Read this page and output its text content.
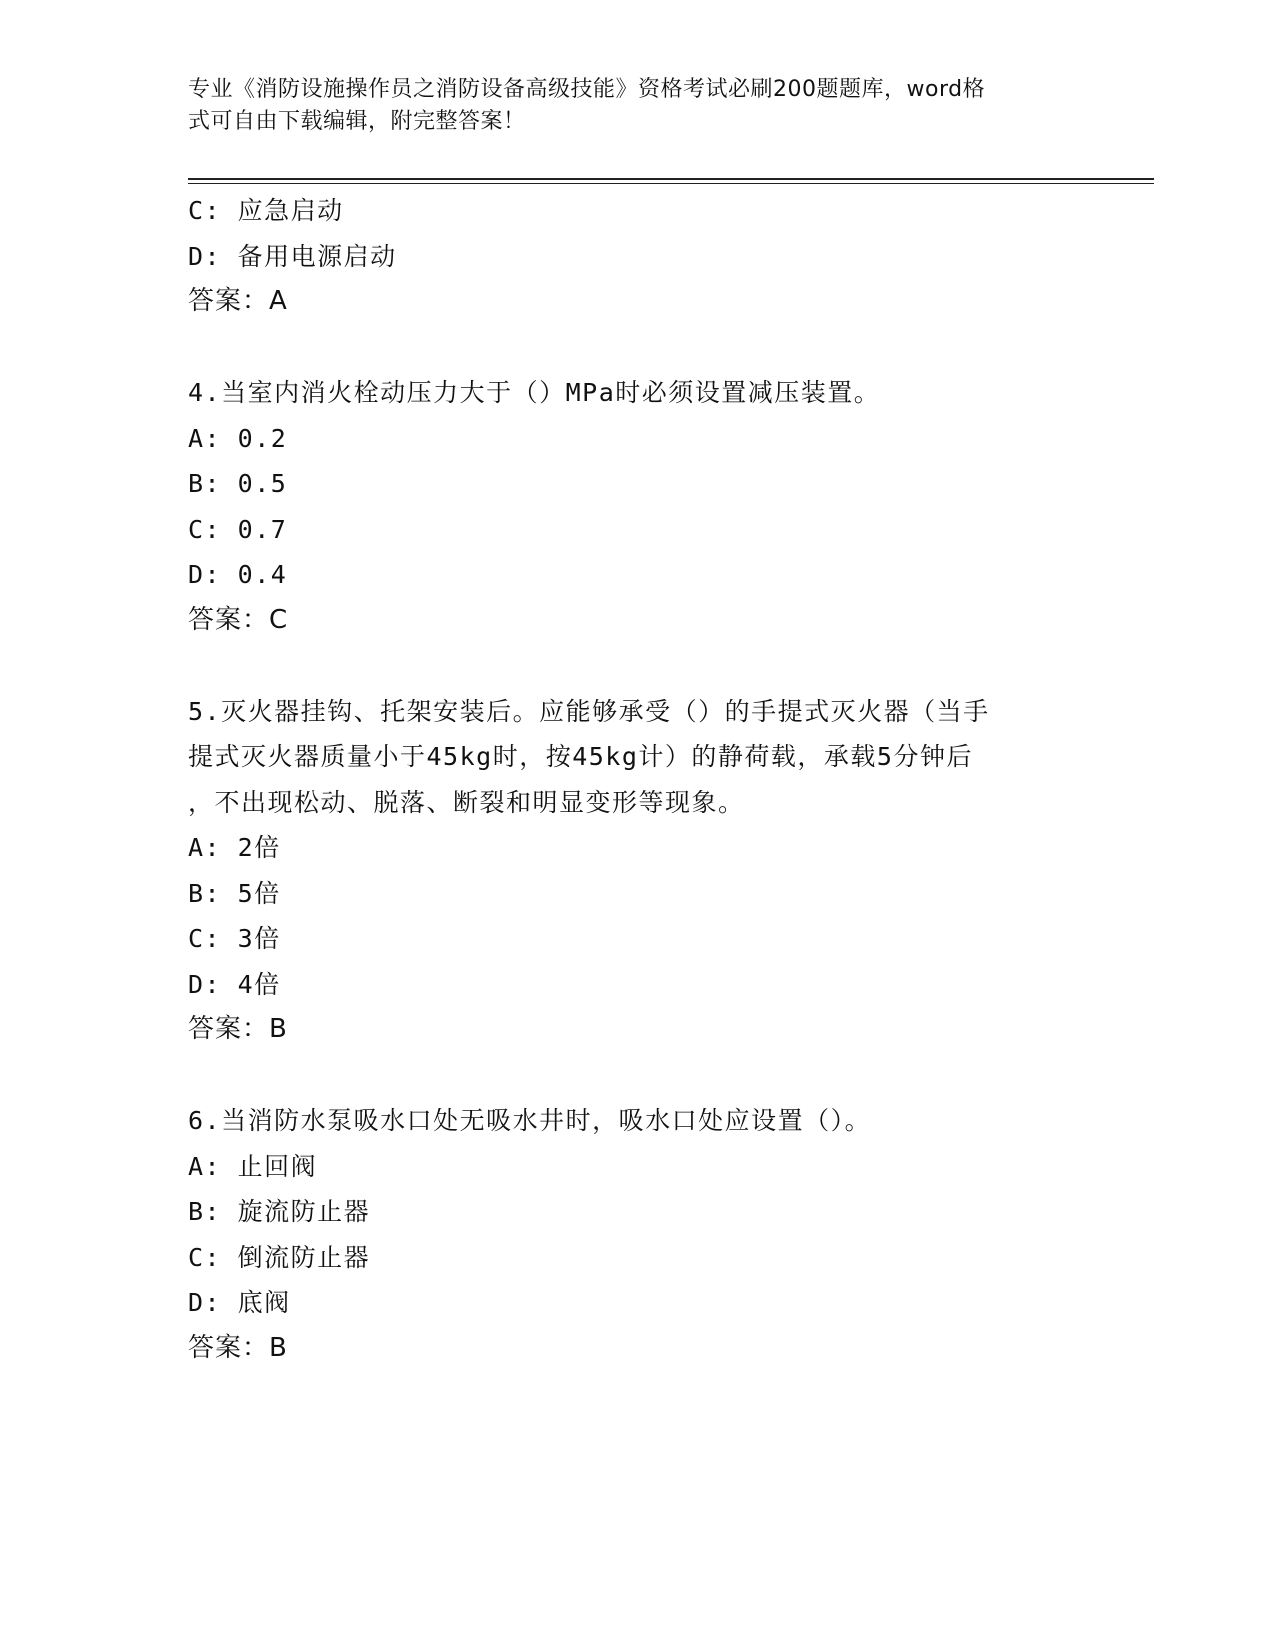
专业《消防设施操作员之消防设备高级技能》资格考试必刷200题题库，word格
式可自由下载编辑，附完整答案！
C: 应急启动
D: 备用电源启动
答案：A
4.当室内消火栓动压力大于（）MPa时必须设置减压装置。
A: 0.2
B: 0.5
C: 0.7
D: 0.4
答案：C
5.灭火器挂钩、托架安装后。应能够承受（）的手提式灭火器（当手
提式灭火器质量小于45kg时，按45kg计）的静荷载，承载5分钟后
，不出现松动、脱落、断裂和明显变形等现象。
A: 2倍
B: 5倍
C: 3倍
D: 4倍
答案：B
6.当消防水泵吸水口处无吸水井时，吸水口处应设置（）。
A: 止回阀
B: 旋流防止器
C: 倒流防止器
D: 底阀
答案：B
